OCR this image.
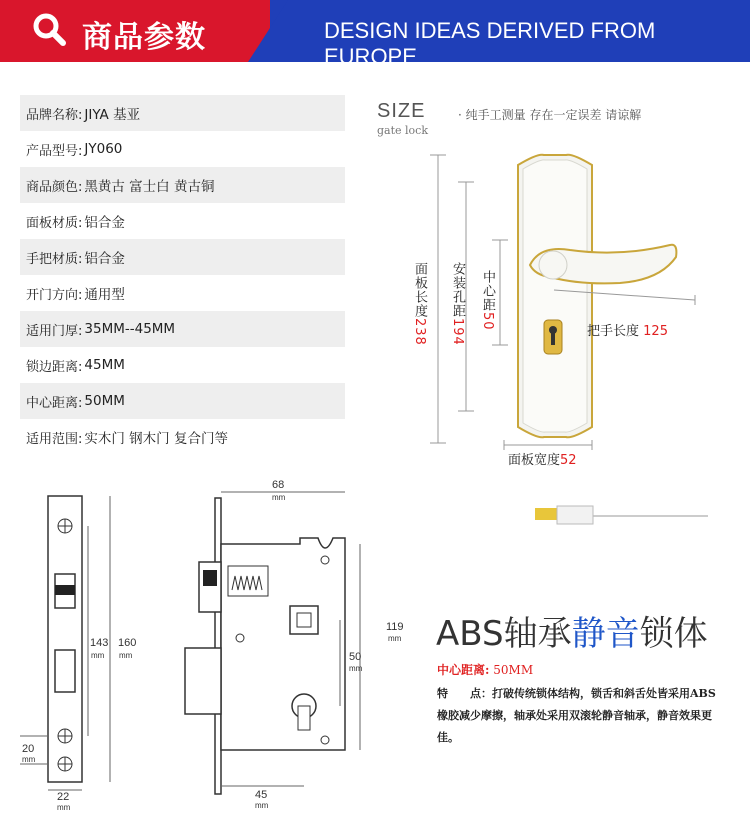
商品参数	DESIGN IDEAS DERIVED FROM EUROPE
品牌名称: JIYA 基亚
产品型号: JY060
商品颜色: 黑黄古 富士白 黄古铜
面板材质: 铝合金
手把材质: 铝合金
开门方向: 通用型
适用门厚: 35MM--45MM
锁边距离: 45MM
中心距离: 50MM
适用范围: 实木门 钢木门 复合门等
SIZE
gate lock
· 纯手工测量 存在一定误差 请谅解
面板长度238
安装孔距194
中心距50
把手长度 125
面板宽度52
143
mm
160
mm
20
mm
22
mm
68
mm
119
mm
50
mm
45
mm
ABS轴承静音锁体
中心距离: 50MM
特　　点：打破传统锁体结构，锁舌和斜舌处皆采用ABS橡胶减少摩擦，轴承处采用双滚轮静音轴承，静音效果更佳。
